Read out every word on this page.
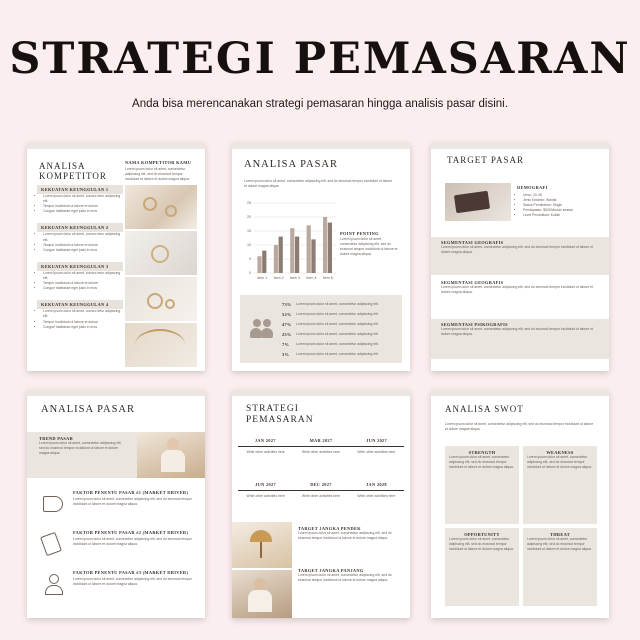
STRATEGI PEMASARAN
Anda bisa merencanakan strategi pemasaran hingga analisis pasar disini.
ANALISA KOMPETITOR
NAMA KOMPETITOR KAMU
Lorem ipsum dolor sit amet, consectetur adipiscing elit, sed do eiusmod tempor incididunt ut labore et dolore magna aliqua.
KEKUATAN KEUNGGULAN 1
• Lorem ipsum dolor sit amet, consec tetur adipiscing elit.
• Tempor incididunt ut labore et dolore
• Congue habitasse eget justo in eros
KEKUATAN KEUNGGULAN 2
• Lorem ipsum dolor sit amet, consec tetur adipiscing elit.
• Tempor incididunt ut labore et dolore
• Congue habitasse eget justo in eros
KEKUATAN KEUNGGULAN 3
• Lorem ipsum dolor sit amet, consec tetur adipiscing elit.
• Tempor incididunt ut labore et dolore
• Congue habitasse eget justo in eros
KEKUATAN KEUNGGULAN 4
• Lorem ipsum dolor sit amet, consec tetur adipiscing elit.
• Tempor incididunt ut labore et dolore
• Congue habitasse eget justo in eros
ANALISA PASAR
Lorem ipsum dolor sit amet, consectetur adipiscing elit, sed do eiusmod tempor incididunt ut labore et dolore magna aliqua.
0
5
10
15
20
25
Item 1 Item 2 Item 3 Item 4 Item 5
POINT PENTING
Lorem ipsum dolor sit amet, consectetur adipiscing elit, sed do eiusmod tempor incididunt ut labore et dolore magna aliqua.
73%	Lorem ipsum dolor sit amet, consectetur adipiscing elit.
52%	Lorem ipsum dolor sit amet, consectetur adipiscing elit.
47%	Lorem ipsum dolor sit amet, consectetur adipiscing elit.
25%	Lorem ipsum dolor sit amet, consectetur adipiscing elit.
7%	Lorem ipsum dolor sit amet, consectetur adipiscing elit.
3%	Lorem ipsum dolor sit amet, consectetur adipiscing elit.
TARGET PASAR
DEMOGRAFI
• Umur: 20-35
• Jenis Kelamin: Wanita
• Status Pernikahan: Single
• Pendapatan: $5000/bulan keatas
• Level Pendidikan: Kuliah
SEGMENTASI GEOGRAFIS
Lorem ipsum dolor sit amet, consectetur adipiscing elit, sed do eiusmod tempor incididunt ut labore et dolore magna aliqua.
SEGMENTASI GEOGRAFIS
Lorem ipsum dolor sit amet, consectetur adipiscing elit, sed do eiusmod tempor incididunt ut labore et dolore magna aliqua.
SEGMENTASI PSIKOGRAFIS
Lorem ipsum dolor sit amet, consectetur adipiscing elit, sed do eiusmod tempor incididunt ut labore et dolore magna aliqua.
ANALISA PASAR
TREND PASAR
Lorem ipsum dolor sit amet, consectetur adipiscing elit, sed do eiusmod tempor incididunt ut labore et dolore magna aliqua.
FAKTOR PENENTU PASAR #1 (MARKET DRIVER)
Lorem ipsum dolor sit amet, consectetur adipiscing elit, sed do eiusmod tempor incididunt ut labore et dolore magna aliqua.
FAKTOR PENENTU PASAR #2 (MARKET DRIVER)
Lorem ipsum dolor sit amet, consectetur adipiscing elit, sed do eiusmod tempor incididunt ut labore et dolore magna aliqua.
FAKTOR PENENTU PASAR #3 (MARKET DRIVER)
Lorem ipsum dolor sit amet, consectetur adipiscing elit, sed do eiusmod tempor incididunt ut labore et dolore magna aliqua.
STRATEGI PEMASARAN
JAN 2027	MAR 2027	JUN 2027
Write other activities here	Write other activities here	Write other activities here
JUN 2027	DEC 2027	JAN 2028
Write other activities here	Write other activities here	Write other activities here
TARGET JANGKA PENDEK
Lorem ipsum dolor sit amet, consectetur adipiscing elit, sed do eiusmod tempor incididunt ut labore et dolore magna aliqua.
TARGET JANGKA PANJANG
Lorem ipsum dolor sit amet, consectetur adipiscing elit, sed do eiusmod tempor incididunt ut labore et dolore magna aliqua.
ANALISA SWOT
Lorem ipsum dolor sit amet, consectetur adipiscing elit, sed do eiusmod tempor incididunt ut labore et dolore magna aliqua.
STRENGTH
Lorem ipsum dolor sit amet, consectetur adipiscing elit, sed do eiusmod tempor incididunt ut labore et dolore magna aliqua.
WEAKNESS
Lorem ipsum dolor sit amet, consectetur adipiscing elit, sed do eiusmod tempor incididunt ut labore et dolore magna aliqua.
OPPORTUNITY
Lorem ipsum dolor sit amet, consectetur adipiscing elit, sed do eiusmod tempor incididunt ut labore et dolore magna aliqua.
THREAT
Lorem ipsum dolor sit amet, consectetur adipiscing elit, sed do eiusmod tempor incididunt ut labore et dolore magna aliqua.
